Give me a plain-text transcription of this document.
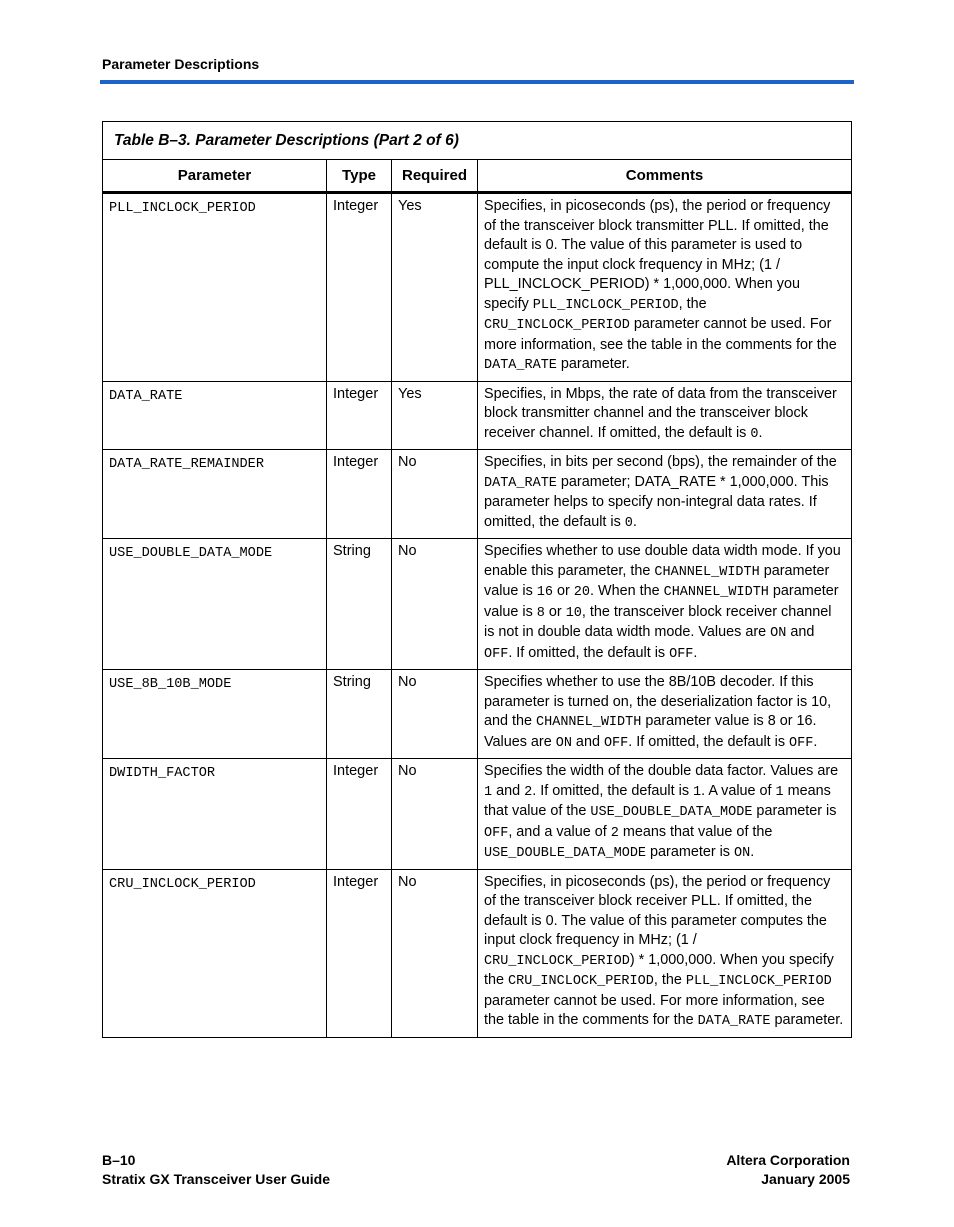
Parameter Descriptions
Table B–3. Parameter Descriptions (Part 2 of 6)			
Parameter	Type	Required	Comments

PLL_INCLOCK_PERIOD	Integer	Yes	Specifies, in picoseconds (ps), the period or frequency of the transceiver block transmitter PLL. If omitted, the default is 0. The value of this parameter is used to compute the input clock frequency in MHz; (1 / PLL_INCLOCK_PERIOD) * 1,000,000. When you specify PLL_INCLOCK_PERIOD, the CRU_INCLOCK_PERIOD parameter cannot be used. For more information, see the table in the comments for the DATA_RATE parameter.

DATA_RATE	Integer	Yes	Specifies, in Mbps, the rate of data from the transceiver block transmitter channel and the transceiver block receiver channel. If omitted, the default is 0.

DATA_RATE_REMAINDER	Integer	No	Specifies, in bits per second (bps), the remainder of the DATA_RATE parameter; DATA_RATE * 1,000,000. This parameter helps to specify non-integral data rates. If omitted, the default is 0.

USE_DOUBLE_DATA_MODE	String	No	Specifies whether to use double data width mode. If you enable this parameter, the CHANNEL_WIDTH parameter value is 16 or 20. When the CHANNEL_WIDTH parameter value is 8 or 10, the transceiver block receiver channel is not in double data width mode. Values are ON and OFF. If omitted, the default is OFF.

USE_8B_10B_MODE	String	No	Specifies whether to use the 8B/10B decoder. If this parameter is turned on, the deserialization factor is 10, and the CHANNEL_WIDTH parameter value is 8 or 16. Values are ON and OFF. If omitted, the default is OFF.

DWIDTH_FACTOR	Integer	No	Specifies the width of the double data factor. Values are 1 and 2. If omitted, the default is 1. A value of 1 means that value of the USE_DOUBLE_DATA_MODE parameter is OFF, and a value of 2 means that value of the USE_DOUBLE_DATA_MODE parameter is ON.

CRU_INCLOCK_PERIOD	Integer	No	Specifies, in picoseconds (ps), the period or frequency of the transceiver block receiver PLL. If omitted, the default is 0. The value of this parameter computes the input clock frequency in MHz; (1 / CRU_INCLOCK_PERIOD) * 1,000,000. When you specify the CRU_INCLOCK_PERIOD, the PLL_INCLOCK_PERIOD parameter cannot be used. For more information, see the table in the comments for the DATA_RATE parameter.
B–10
Stratix GX Transceiver User Guide
Altera Corporation
January 2005
